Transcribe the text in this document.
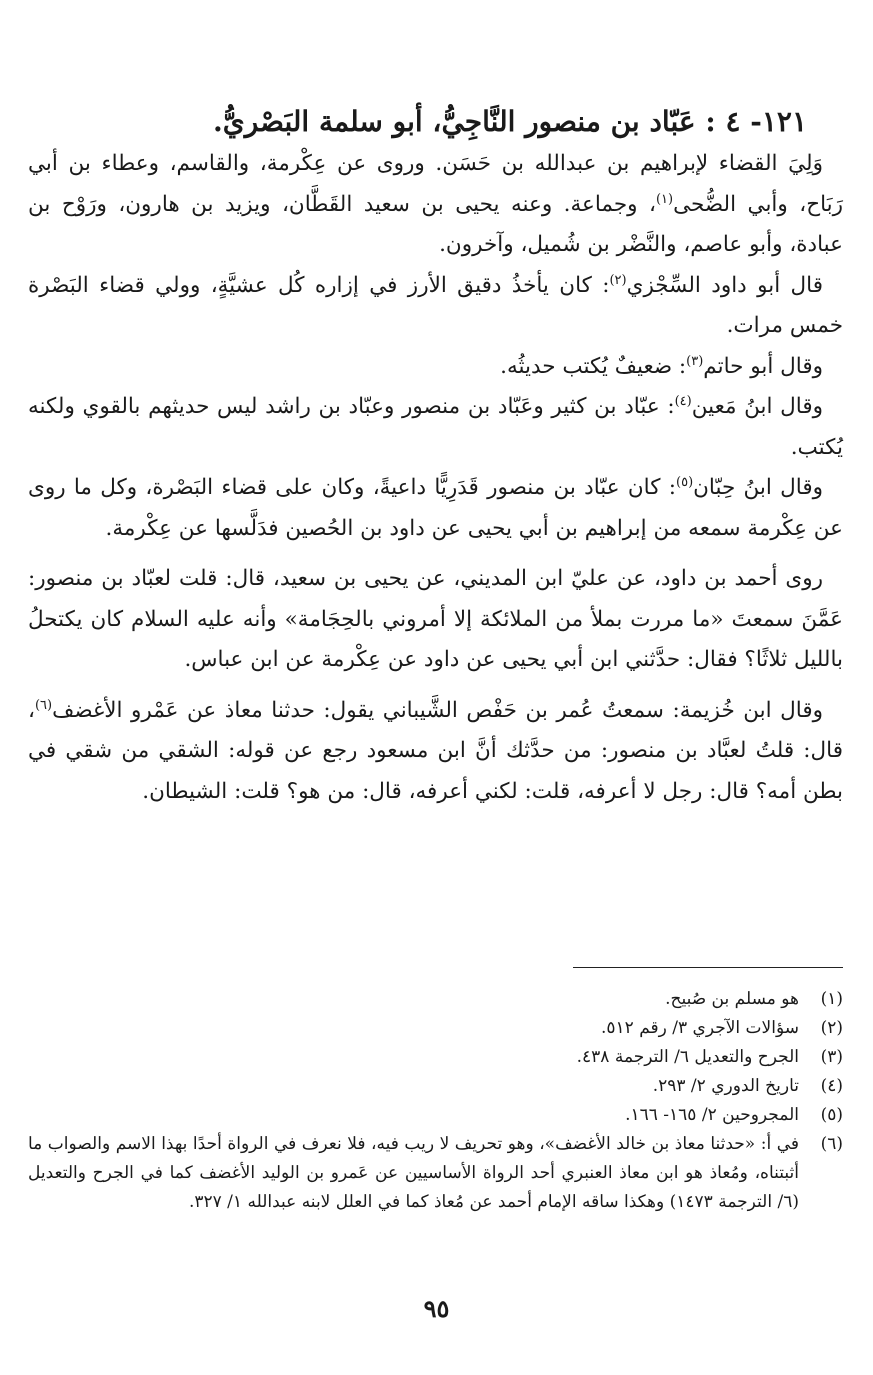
١٢١- ٤ : عَبّاد بن منصور النَّاجِيُّ، أبو سلمة البَصْريُّ.

وَلِيَ القضاء لإبراهيم بن عبدالله بن حَسَن. وروى عن عِكْرمة، والقاسم، وعطاء بن أبي رَبَاح، وأبي الضُّحى$^{(١)}$، وجماعة. وعنه يحيى بن سعيد القَطَّان، ويزيد بن هارون، ورَوْح بن عبادة، وأبو عاصم، والنَّضْر بن شُميل، وآخرون.

قال أبو داود السِّجْزي$^{(٢)}$: كان يأخذُ دقيق الأرز في إزاره كُل عشيَّةٍ، وولي قضاء البَصْرة خمس مرات.

وقال أبو حاتم$^{(٣)}$: ضعيفٌ يُكتب حديثُه.

وقال ابنُ مَعين$^{(٤)}$: عبّاد بن كثير وعَبّاد بن منصور وعبّاد بن راشد ليس حديثهم بالقوي ولكنه يُكتب.

وقال ابنُ حِبّان$^{(٥)}$: كان عبّاد بن منصور قَدَرِيًّا داعيةً، وكان على قضاء البَصْرة، وكل ما روى عن عِكْرمة سمعه من إبراهيم بن أبي يحيى عن داود بن الحُصين فدَلَّسها عن عِكْرمة.

روى أحمد بن داود، عن عليّ ابن المديني، عن يحيى بن سعيد، قال: قلت لعبّاد بن منصور: عَمَّنَ سمعتَ «ما مررت بملأ من الملائكة إلا أمروني بالحِجَامة» وأنه عليه السلام كان يكتحلُ بالليل ثلاثًا؟ فقال: حدَّثني ابن أبي يحيى عن داود عن عِكْرمة عن ابن عباس.

وقال ابن خُزيمة: سمعتُ عُمر بن حَفْص الشَّيباني يقول: حدثنا معاذ عن عَمْرو الأغضف$^{(٦)}$، قال: قلتُ لعبَّاد بن منصور: من حدَّثك أنَّ ابن مسعود رجع عن قوله: الشقي من شقي في بطن أمه؟ قال: رجل لا أعرفه، قلت: لكني أعرفه، قال: من هو؟ قلت: الشيطان.

(١)
هو مسلم بن صُبيح.
(٢)
سؤالات الآجري ٣/ رقم ٥١٢.
(٣)
الجرح والتعديل ٦/ الترجمة ٤٣٨.
(٤)
تاريخ الدوري ٢/ ٢٩٣.
(٥)
المجروحين ٢/ ١٦٥- ١٦٦.
(٦)
في أ: «حدثنا معاذ بن خالد الأغضف»، وهو تحريف لا ريب فيه، فلا نعرف في الرواة أحدًا بهذا الاسم والصواب ما أثبتناه، ومُعاذ هو ابن معاذ العنبري أحد الرواة الأساسيين عن عَمرو بن الوليد الأغضف كما في الجرح والتعديل (٦/ الترجمة ١٤٧٣) وهكذا ساقه الإمام أحمد عن مُعاذ كما في العلل لابنه عبدالله ١/ ٣٢٧.
٩٥
